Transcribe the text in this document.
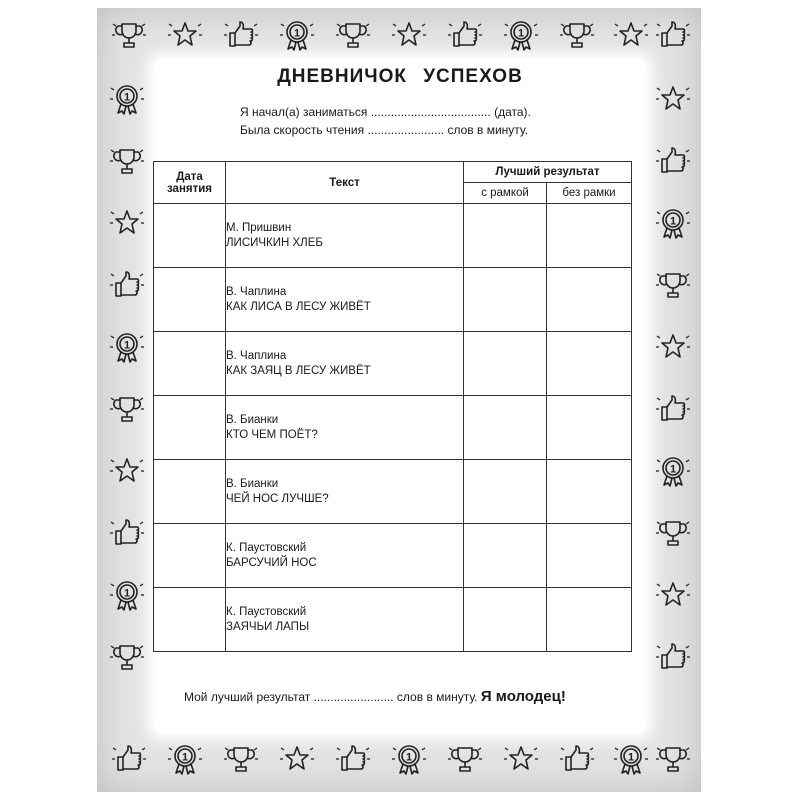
1	1
1	1	1
1
1
1
1
1
ДНЕВНИЧОК УСПЕХОВ
Я начал(а) заниматься .................................... (дата).
Была скорость чтения ....................... слов в минуту.
Дата занятия	Текст	Лучший результат	
		с рамкой	без рамки

	М. Пришвин
ЛИСИЧКИН ХЛЕБ		

	В. Чаплина
КАК ЛИСА В ЛЕСУ ЖИВЁТ		

	В. Чаплина
КАК ЗАЯЦ В ЛЕСУ ЖИВЁТ		

	В. Бианки
КТО ЧЕМ ПОЁТ?		

	В. Бианки
ЧЕЙ НОС ЛУЧШЕ?		

	К. Паустовский
БАРСУЧИЙ НОС		

	К. Паустовский
ЗАЯЧЬИ ЛАПЫ		

Мой лучший результат ........................ слов в минуту. Я молодец!
